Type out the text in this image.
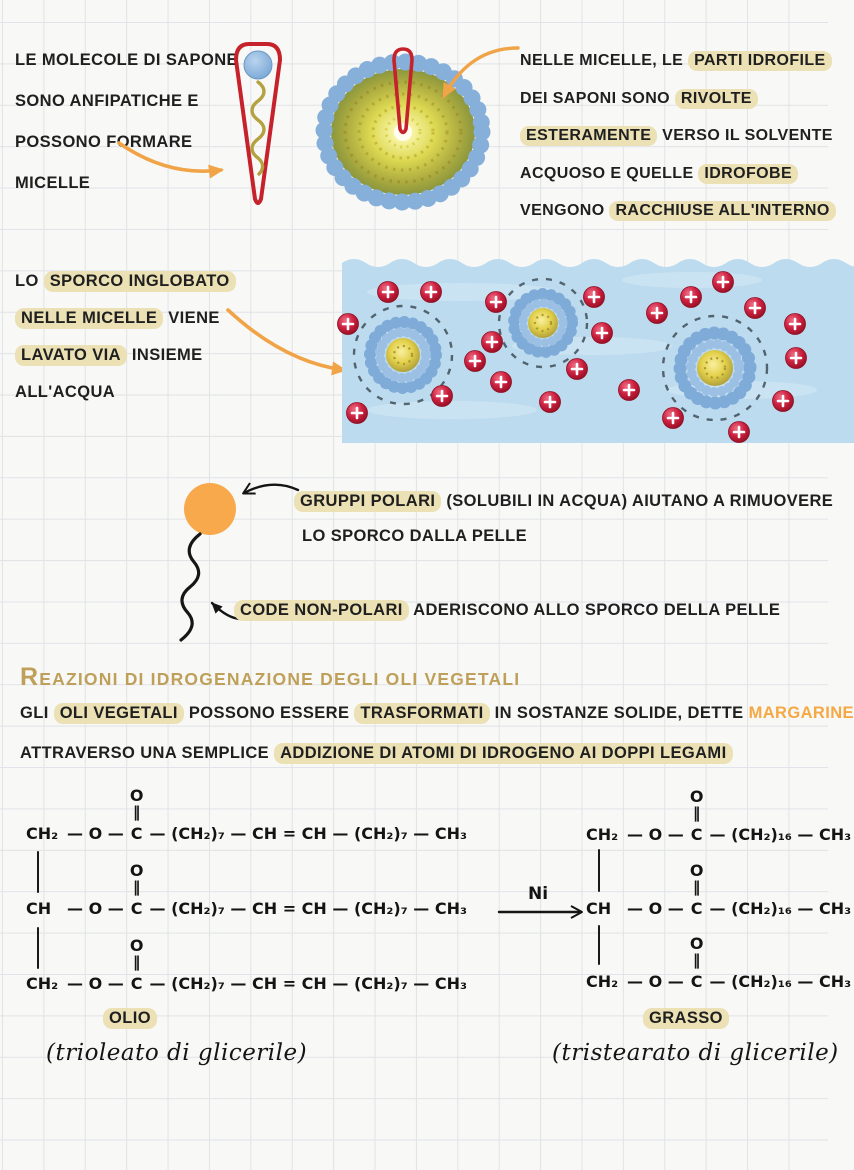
LE MOLECOLE DI SAPONE
SONO ANFIPATICHE E
POSSONO FORMARE
MICELLE
NELLE MICELLE, LE PARTI IDROFILE
DEI SAPONI SONO RIVOLTE
ESTERAMENTE VERSO IL SOLVENTE
ACQUOSO E QUELLE IDROFOBE
VENGONO RACCHIUSE ALL'INTERNO
LO SPORCO INGLOBATO
NELLE MICELLE VIENE
LAVATO VIA INSIEME
ALL'ACQUA
GRUPPI POLARI (SOLUBILI IN ACQUA) AIUTANO A RIMUOVERE
LO SPORCO DALLA PELLE
CODE NON-POLARI ADERISCONO ALLO SPORCO DELLA PELLE
REAZIONI DI IDROGENAZIONE DEGLI OLI VEGETALI
GLI OLI VEGETALI POSSONO ESSERE TRASFORMATI IN SOSTANZE SOLIDE, DETTE MARGARINE
ATTRAVERSO UNA SEMPLICE ADDIZIONE DI ATOMI DI IDROGENO AI DOPPI LEGAMI
CH₂ — O —
O
‖
C — (CH₂)₇ — CH = CH — (CH₂)₇ — CH₃
CH — O —
O
‖
C — (CH₂)₇ — CH = CH — (CH₂)₇ — CH₃
CH₂ — O —
O
‖
C — (CH₂)₇ — CH = CH — (CH₂)₇ — CH₃
Ni
CH₂ — O —
O
‖
C — (CH₂)₁₆ — CH₃
CH — O —
O
‖
C — (CH₂)₁₆ — CH₃
CH₂ — O —
O
‖
C — (CH₂)₁₆ — CH₃
OLIO
(trioleato di glicerile)
GRASSO
(tristearato di glicerile)
